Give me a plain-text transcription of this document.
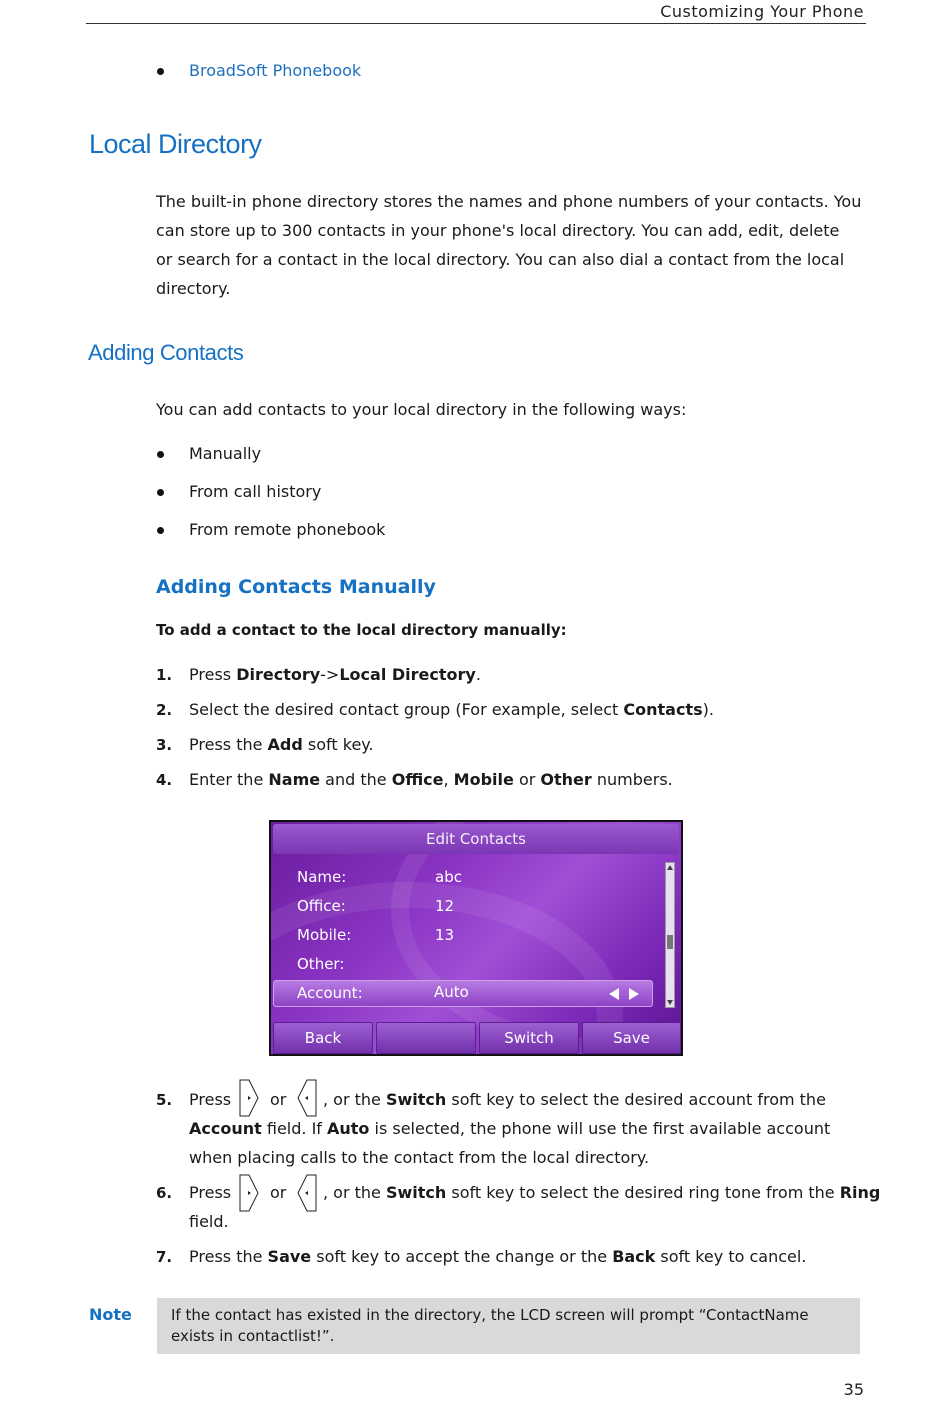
Customizing Your Phone
BroadSoft Phonebook
Local Directory
The built-in phone directory stores the names and phone numbers of your contacts. You
can store up to 300 contacts in your phone's local directory. You can add, edit, delete
or search for a contact in the local directory. You can also dial a contact from the local
directory.
Adding Contacts
You can add contacts to your local directory in the following ways:
Manually
From call history
From remote phonebook
Adding Contacts Manually
To add a contact to the local directory manually:
1. Press Directory->Local Directory.
2. Select the desired contact group (For example, select Contacts).
3. Press the Add soft key.
4. Enter the Name and the Office, Mobile or Other numbers.
Edit Contacts
Name:	abc
Office:	12
Mobile:	13
Other:
Account:	Auto
Back	Switch	Save
5. Press or , or the Switch soft key to select the desired account from the
Account field. If Auto is selected, the phone will use the first available account
when placing calls to the contact from the local directory.
6. Press or , or the Switch soft key to select the desired ring tone from the Ring
field.
7. Press the Save soft key to accept the change or the Back soft key to cancel.
Note	If the contact has existed in the directory, the LCD screen will prompt “ContactName exists in contactlist!”.
35
